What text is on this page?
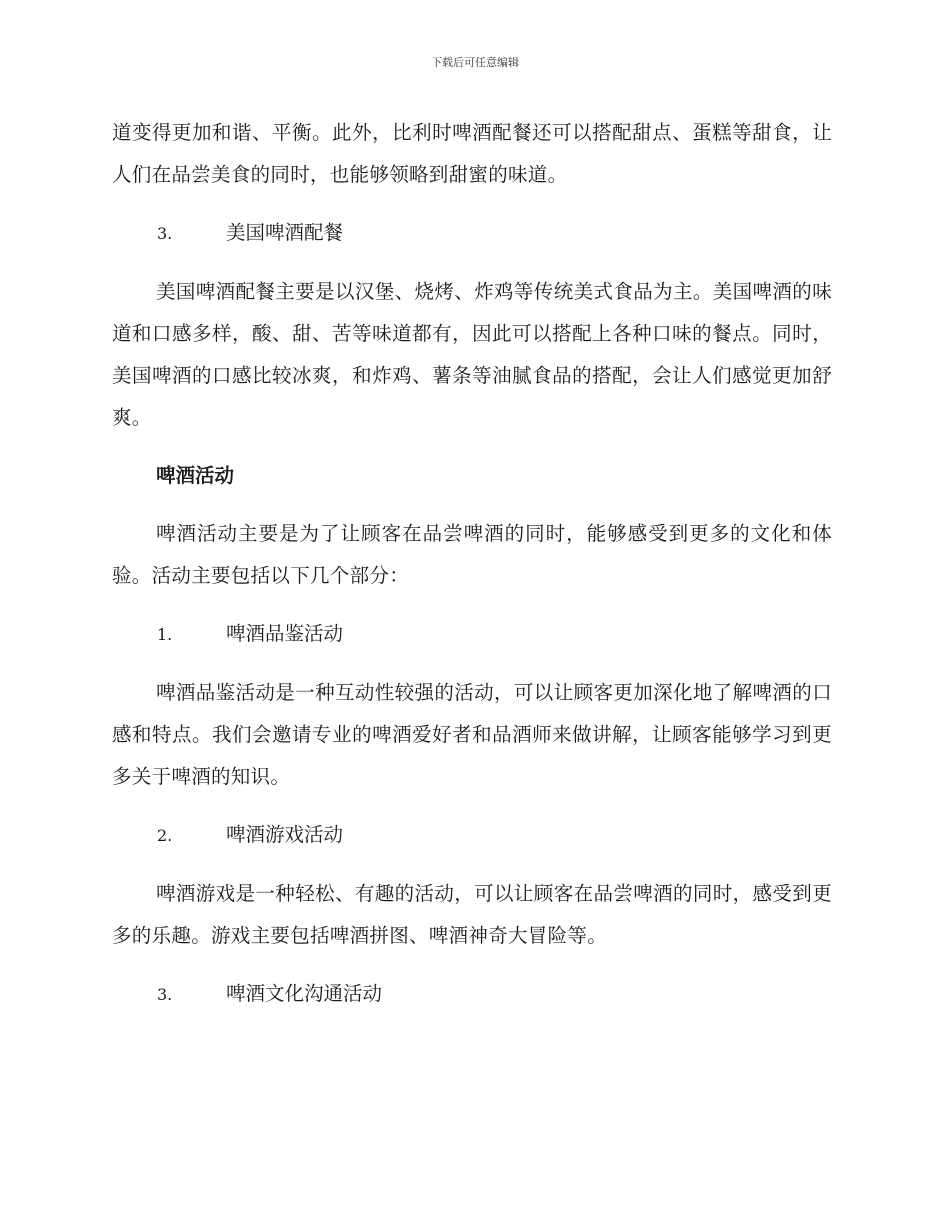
下载后可任意编辑

道变得更加和谐、平衡。此外，比利时啤酒配餐还可以搭配甜点、蛋糕等甜食，让人们在品尝美食的同时，也能够领略到甜蜜的味道。

3.	美国啤酒配餐

美国啤酒配餐主要是以汉堡、烧烤、炸鸡等传统美式食品为主。美国啤酒的味道和口感多样，酸、甜、苦等味道都有，因此可以搭配上各种口味的餐点。同时，美国啤酒的口感比较冰爽，和炸鸡、薯条等油腻食品的搭配，会让人们感觉更加舒爽。

啤酒活动

啤酒活动主要是为了让顾客在品尝啤酒的同时，能够感受到更多的文化和体验。活动主要包括以下几个部分：

1.	啤酒品鉴活动

啤酒品鉴活动是一种互动性较强的活动，可以让顾客更加深化地了解啤酒的口感和特点。我们会邀请专业的啤酒爱好者和品酒师来做讲解，让顾客能够学习到更多关于啤酒的知识。

2.	啤酒游戏活动

啤酒游戏是一种轻松、有趣的活动，可以让顾客在品尝啤酒的同时，感受到更多的乐趣。游戏主要包括啤酒拼图、啤酒神奇大冒险等。

3.	啤酒文化沟通活动
